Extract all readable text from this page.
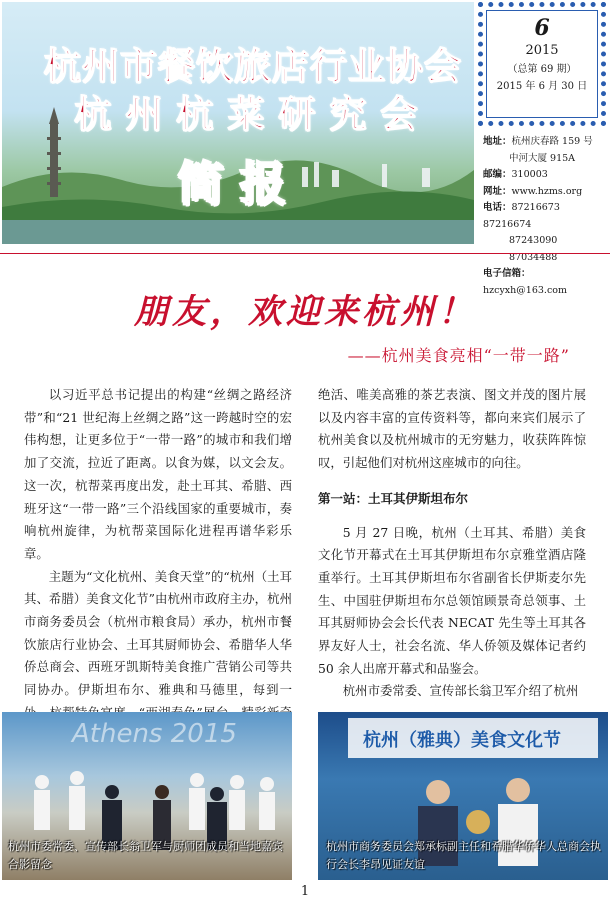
杭州市餐饮旅店行业协会
杭州杭菜研究会
简报
6
2015
（总第 69 期）
2015 年 6 月 30 日
地址：杭州庆春路 159 号
中河大厦 915A
邮编：310003
网址：www.hzms.org
电话：87216673 87216674
87243090 87034488
电子信箱：hzcyxh@163.com
朋友，欢迎来杭州！
——杭州美食亮相“一带一路”

以习近平总书记提出的构建“丝绸之路经济带”和“21 世纪海上丝绸之路”这一跨越时空的宏伟构想，让更多位于“一带一路”的城市和我们增加了交流，拉近了距离。以食为媒，以文会友。这一次，杭帮菜再度出发，赴土耳其、希腊、西班牙这“一带一路”三个沿线国家的重要城市，奏响杭州旋律，为杭帮菜国际化进程再谱华彩乐章。

主题为“文化杭州、美食天堂”的“杭州（土耳其、希腊）美食文化节”由杭州市政府主办，杭州市商务委员会（杭州市粮食局）承办，杭州市餐饮旅店行业协会、土耳其厨师协会、希腊华人华侨总商会、西班牙凯斯特美食推广营销公司等共同协办。伊斯坦布尔、雅典和马德里，每到一

绝活、唯美高雅的茶艺表演、图文并茂的图片展以及内容丰富的宣传资料等，都向来宾们展示了杭州美食以及杭州城市的无穷魅力，收获阵阵惊叹，引起他们对杭州这座城市的向往。

第一站：土耳其伊斯坦布尔

5 月 27 日晚，杭州（土耳其、希腊）美食文化节开幕式在土耳其伊斯坦布尔京雅堂酒店隆重举行。土耳其伊斯坦布尔省副省长伊斯麦尔先生、中国驻伊斯坦布尔总领馆顾景奇总领事、土耳其厨师协会会长代表 NECAT 先生等土耳其各界友好人士，社会名流、华人侨领及媒体记者约 50 余人出席开幕式和品鉴会。

杭州市委常委、宣传部长翁卫军介绍了杭州

Athens 2015
杭州市委常委、宣传部长翁卫军与厨师团成员和当地嘉宾合影留念
杭州（雅典）美食文化节
杭州市商务委员会郑承标副主任和希腊华侨华人总商会执行会长李昂见证友谊
1
